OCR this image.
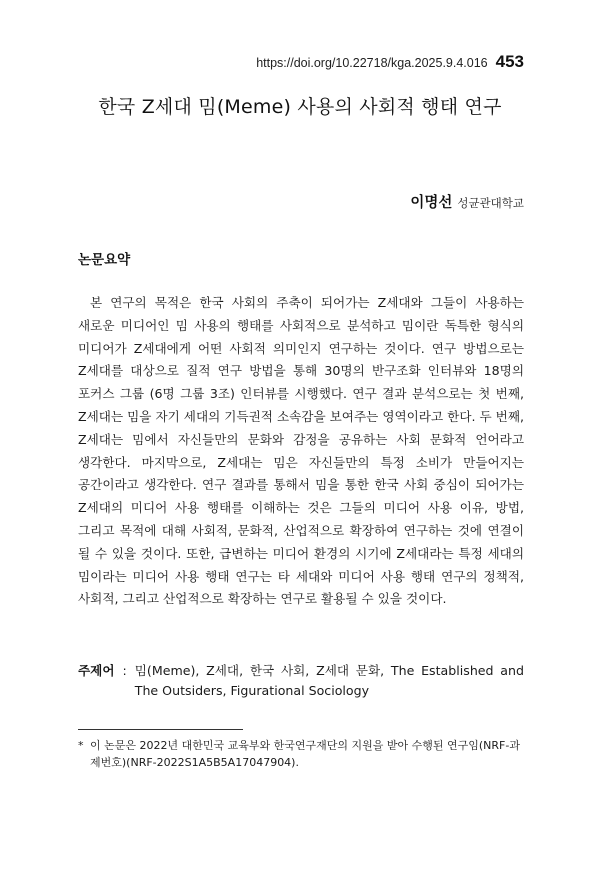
https://doi.org/10.22718/kga.2025.9.4.016 453
한국 Z세대 밈(Meme) 사용의 사회적 행태 연구
이명선 성균관대학교
논문요약

본 연구의 목적은 한국 사회의 주축이 되어가는 Z세대와 그들이 사용하는 새로운 미디어인 밈 사용의 행태를 사회적으로 분석하고 밈이란 독특한 형식의 미디어가 Z세대에게 어떤 사회적 의미인지 연구하는 것이다. 연구 방법으로는 Z세대를 대상으로 질적 연구 방법을 통해 30명의 반구조화 인터뷰와 18명의 포커스 그룹 (6명 그룹 3조) 인터뷰를 시행했다. 연구 결과 분석으로는 첫 번째, Z세대는 밈을 자기 세대의 기득권적 소속감을 보여주는 영역이라고 한다. 두 번째, Z세대는 밈에서 자신들만의 문화와 감정을 공유하는 사회 문화적 언어라고 생각한다. 마지막으로, Z세대는 밈은 자신들만의 특정 소비가 만들어지는 공간이라고 생각한다. 연구 결과를 통해서 밈을 통한 한국 사회 중심이 되어가는 Z세대의 미디어 사용 행태를 이해하는 것은 그들의 미디어 사용 이유, 방법, 그리고 목적에 대해 사회적, 문화적, 산업적으로 확장하여 연구하는 것에 연결이 될 수 있을 것이다. 또한, 급변하는 미디어 환경의 시기에 Z세대라는 특정 세대의 밈이라는 미디어 사용 행태 연구는 타 세대와 미디어 사용 행태 연구의 정책적, 사회적, 그리고 산업적으로 확장하는 연구로 활용될 수 있을 것이다.

주제어 : 밈(Meme), Z세대, 한국 사회, Z세대 문화, The Established and The Outsiders, Figurational Sociology
* 이 논문은 2022년 대한민국 교육부와 한국연구재단의 지원을 받아 수행된 연구임(NRF-과제번호)(NRF-2022S1A5B5A17047904).
